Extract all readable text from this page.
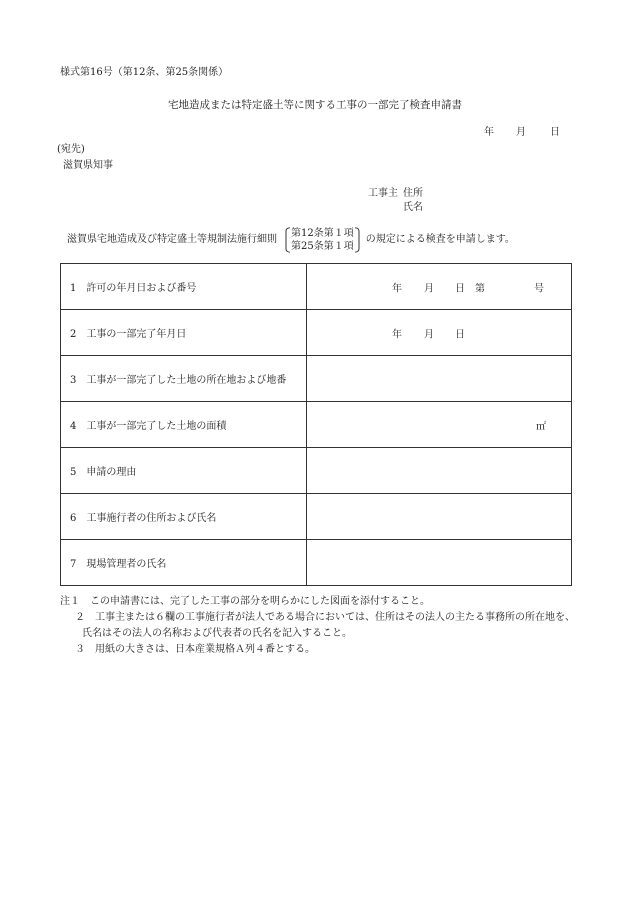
様式第16号（第12条、第25条関係）
宅地造成または特定盛土等に関する工事の一部完了検査申請書
年 月 日
(宛先)
滋賀県知事
工事主 住所
氏名
滋賀県宅地造成及び特定盛土等規制法施行細則
第12条第１項
第25条第１項
の規定による検査を申請します。
1　許可の年月日および番号	年 月 日 第 号

2　工事の一部完了年月日	年 月 日

3　工事が一部完了した土地の所在地および地番	
4　工事が一部完了した土地の面積	㎡

5　申請の理由	
6　工事施行者の住所および氏名	
7　現場管理者の氏名	
注１　この申請書には、完了した工事の部分を明らかにした図面を添付すること。
２　工事主または６欄の工事施行者が法人である場合においては、住所はその法人の主たる事務所の所在地を、
氏名はその法人の名称および代表者の氏名を記入すること。
３　用紙の大きさは、日本産業規格Ａ列４番とする。
